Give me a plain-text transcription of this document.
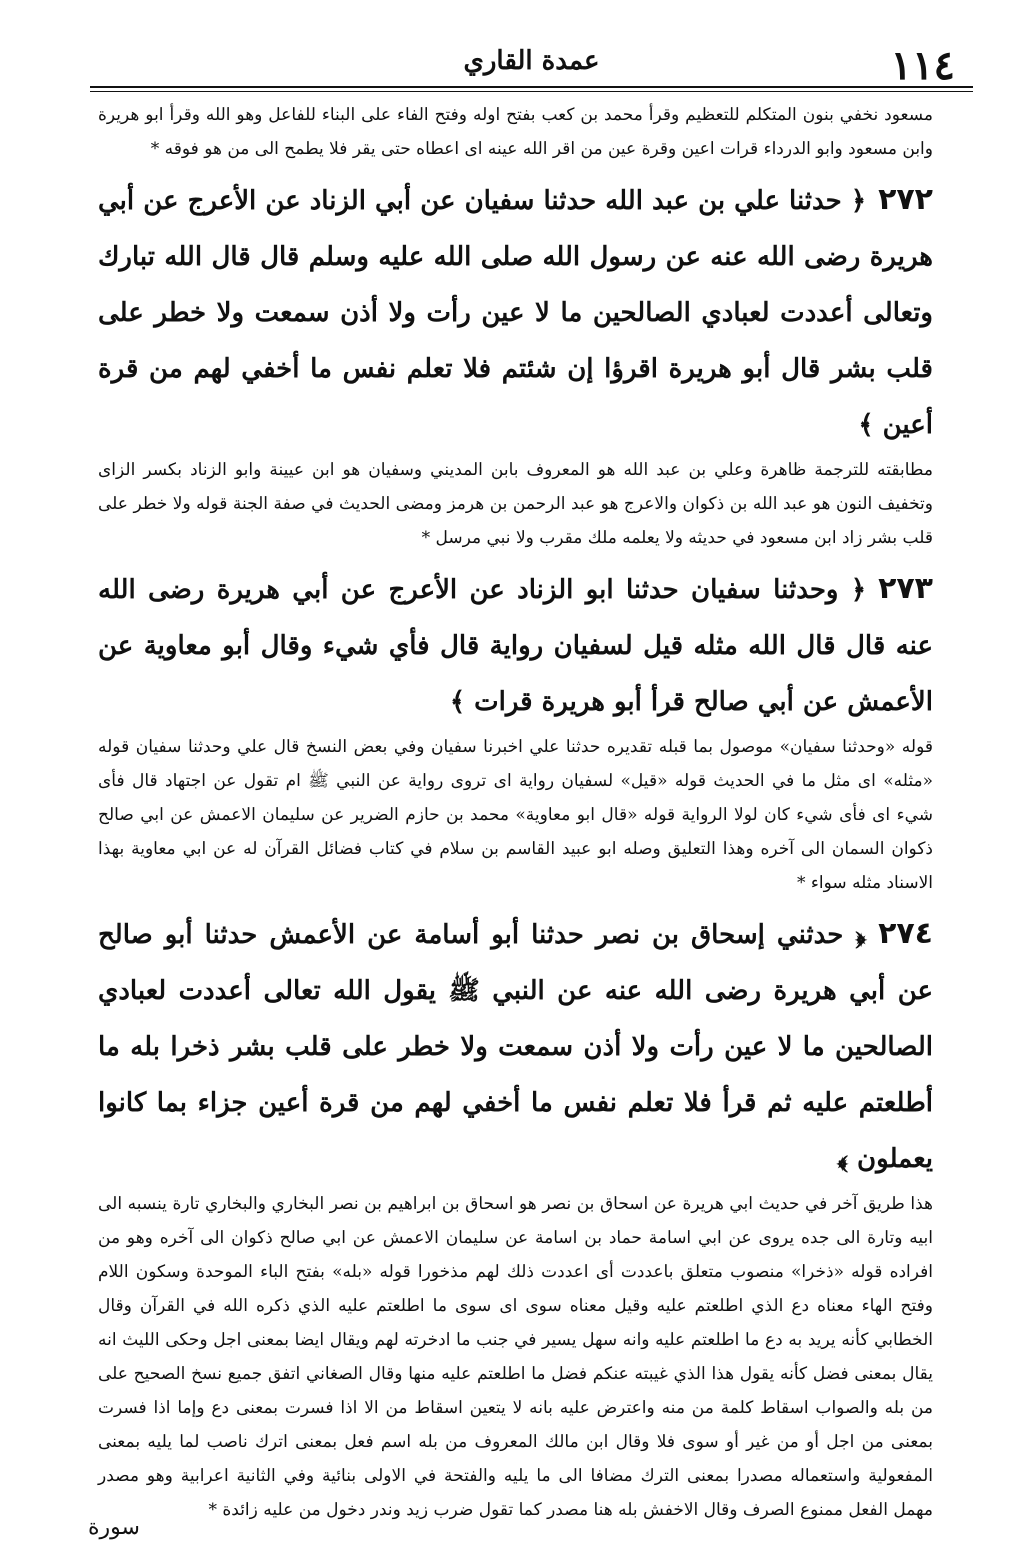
١١٤
عمدة القاري

مسعود نخفي بنون المتكلم للتعظيم وقرأ محمد بن كعب بفتح اوله وفتح الفاء على البناء للفاعل وهو الله وقرأ ابو هريرة وابن مسعود وابو الدرداء قرات اعين وقرة عين من اقر الله عينه اى اعطاه حتى يقر فلا يطمح الى من هو فوقه *

٢٧٢﴿ حدثنا علي بن عبد الله حدثنا سفيان عن أبي الزناد عن الأعرج عن أبي هريرة رضى الله عنه عن رسول الله صلى الله عليه وسلم قال قال الله تبارك وتعالى أعددت لعبادي الصالحين ما لا عين رأت ولا أذن سمعت ولا خطر على قلب بشر قال أبو هريرة اقرؤا إن شئتم فلا تعلم نفس ما أخفي لهم من قرة أعين ﴾

مطابقته للترجمة ظاهرة وعلي بن عبد الله هو المعروف بابن المديني وسفيان هو ابن عيينة وابو الزناد بكسر الزاى وتخفيف النون هو عبد الله بن ذكوان والاعرج هو عبد الرحمن بن هرمز ومضى الحديث في صفة الجنة قوله ولا خطر على قلب بشر زاد ابن مسعود في حديثه ولا يعلمه ملك مقرب ولا نبي مرسل *

٢٧٣﴿ وحدثنا سفيان حدثنا ابو الزناد عن الأعرج عن أبي هريرة رضى الله عنه قال قال الله مثله قيل لسفيان رواية قال فأي شيء وقال أبو معاوية عن الأعمش عن أبي صالح قرأ أبو هريرة قرات ﴾

قوله «وحدثنا سفيان» موصول بما قبله تقديره حدثنا علي اخبرنا سفيان وفي بعض النسخ قال علي وحدثنا سفيان قوله «مثله» اى مثل ما في الحديث قوله «قيل» لسفيان رواية اى تروى رواية عن النبي ﷺ ام تقول عن اجتهاد قال فأى شيء اى فأى شيء كان لولا الرواية قوله «قال ابو معاوية» محمد بن حازم الضرير عن سليمان الاعمش عن ابي صالح ذكوان السمان الى آخره وهذا التعليق وصله ابو عبيد القاسم بن سلام في كتاب فضائل القرآن له عن ابي معاوية بهذا الاسناد مثله سواء *

٢٧٤﴿ حدثني إسحاق بن نصر حدثنا أبو أسامة عن الأعمش حدثنا أبو صالح عن أبي هريرة رضى الله عنه عن النبي ﷺ يقول الله تعالى أعددت لعبادي الصالحين ما لا عين رأت ولا أذن سمعت ولا خطر على قلب بشر ذخرا بله ما أطلعتم عليه ثم قرأ فلا تعلم نفس ما أخفي لهم من قرة أعين جزاء بما كانوا يعملون ﴾

هذا طريق آخر في حديث ابي هريرة عن اسحاق بن نصر هو اسحاق بن ابراهيم بن نصر البخاري والبخاري تارة ينسبه الى ابيه وتارة الى جده يروى عن ابي اسامة حماد بن اسامة عن سليمان الاعمش عن ابي صالح ذكوان الى آخره وهو من افراده قوله «ذخرا» منصوب متعلق باعددت أى اعددت ذلك لهم مذخورا قوله «بله» بفتح الباء الموحدة وسكون اللام وفتح الهاء معناه دع الذي اطلعتم عليه وقيل معناه سوى اى سوى ما اطلعتم عليه الذي ذكره الله في القرآن وقال الخطابي كأنه يريد به دع ما اطلعتم عليه وانه سهل يسير في جنب ما ادخرته لهم ويقال ايضا بمعنى اجل وحكى الليث انه يقال بمعنى فضل كأنه يقول هذا الذي غيبته عنكم فضل ما اطلعتم عليه منها وقال الصغاني اتفق جميع نسخ الصحيح على من بله والصواب اسقاط كلمة من منه واعترض عليه بانه لا يتعين اسقاط من الا اذا فسرت بمعنى دع وإما اذا فسرت بمعنى من اجل أو من غير أو سوى فلا وقال ابن مالك المعروف من بله اسم فعل بمعنى اترك ناصب لما يليه بمعنى المفعولية واستعماله مصدرا بمعنى الترك مضافا الى ما يليه والفتحة في الاولى بنائية وفي الثانية اعرابية وهو مصدر مهمل الفعل ممنوع الصرف وقال الاخفش بله هنا مصدر كما تقول ضرب زيد وندر دخول من عليه زائدة *

سورة
